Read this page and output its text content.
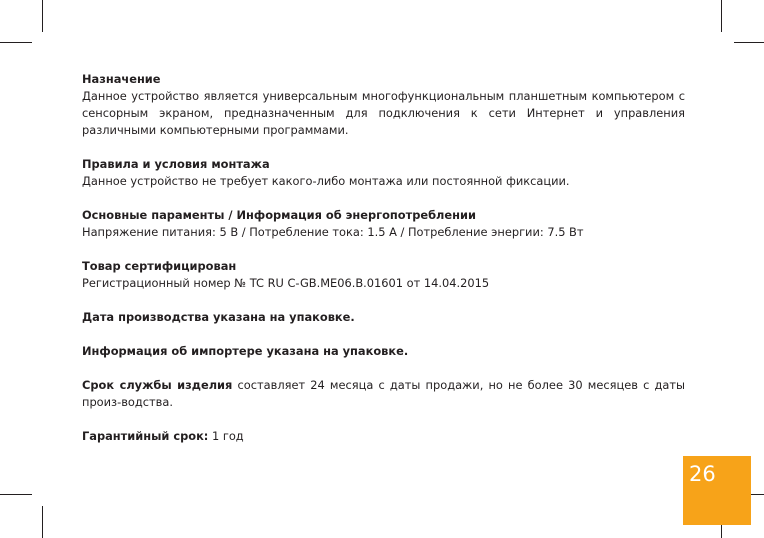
Назначение
Данное устройство является универсальным многофункциональным планшетным компьютером с сенсорным экраном, предназначенным для подключения к сети Интернет и управления различными компьютерными программами.
Правила и условия монтажа
Данное устройство не требует какого-либо монтажа или постоянной фиксации.
Основные параменты / Информация об энергопотреблении
Напряжение питания: 5 В / Потребление тока: 1.5 А / Потребление энергии: 7.5 Вт
Товар сертифицирован
Регистрационный номер № TC RU C-GB.ME06.B.01601 от 14.04.2015
Дата производства указана на упаковке.
Информация об импортере указана на упаковке.
Срок службы изделия составляет 24 месяца с даты продажи, но не более 30 месяцев с даты произ-водства.
Гарантийный срок: 1 год
26
